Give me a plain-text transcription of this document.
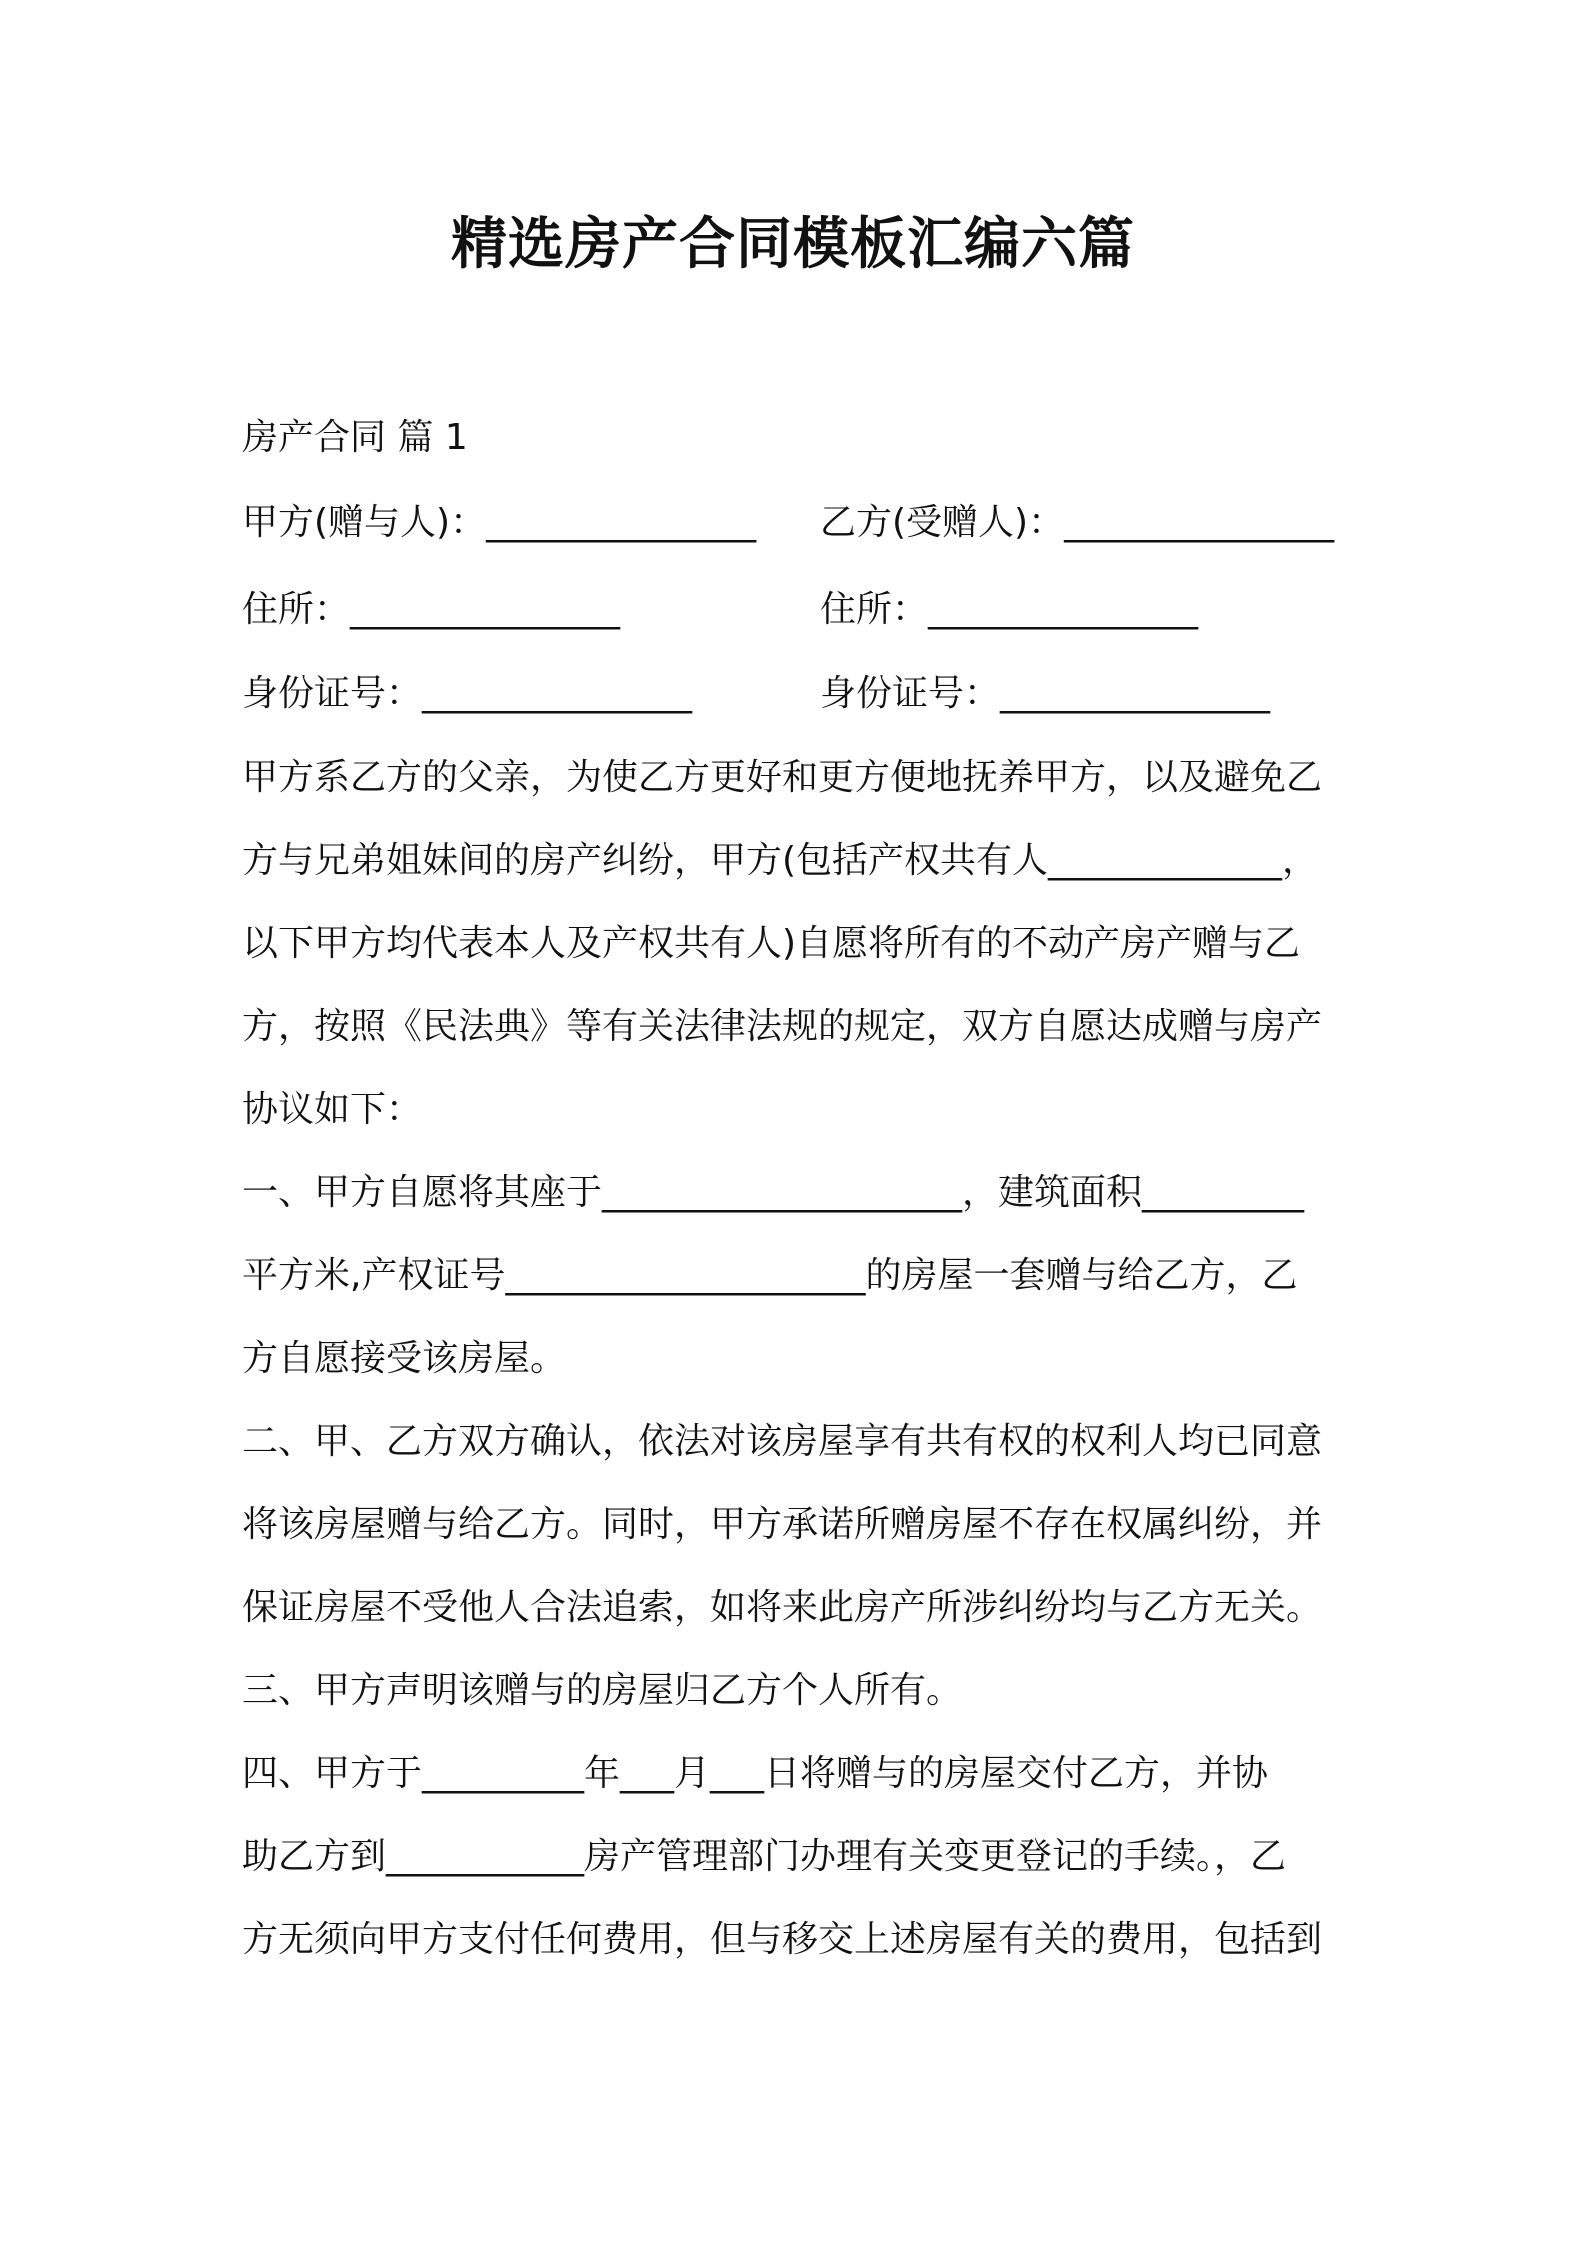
精选房产合同模板汇编六篇
房产合同 篇 1
甲方(赠与人)：_______________ 乙方(受赠人)：_______________
住所：_______________	住所：_______________
身份证号：_______________	身份证号：_______________
甲方系乙方的父亲，为使乙方更好和更方便地抚养甲方，以及避免乙
方与兄弟姐妹间的房产纠纷，甲方(包括产权共有人_____________，
以下甲方均代表本人及产权共有人)自愿将所有的不动产房产赠与乙
方，按照《民法典》等有关法律法规的规定，双方自愿达成赠与房产
协议如下：
一、甲方自愿将其座于____________________，建筑面积_________
平方米,产权证号____________________的房屋一套赠与给乙方，乙
方自愿接受该房屋。
二、甲、乙方双方确认，依法对该房屋享有共有权的权利人均已同意
将该房屋赠与给乙方。同时，甲方承诺所赠房屋不存在权属纠纷，并
保证房屋不受他人合法追索，如将来此房产所涉纠纷均与乙方无关。
三、甲方声明该赠与的房屋归乙方个人所有。
四、甲方于_________年___月___日将赠与的房屋交付乙方，并协
助乙方到___________房产管理部门办理有关变更登记的手续。，乙
方无须向甲方支付任何费用，但与移交上述房屋有关的费用，包括到
